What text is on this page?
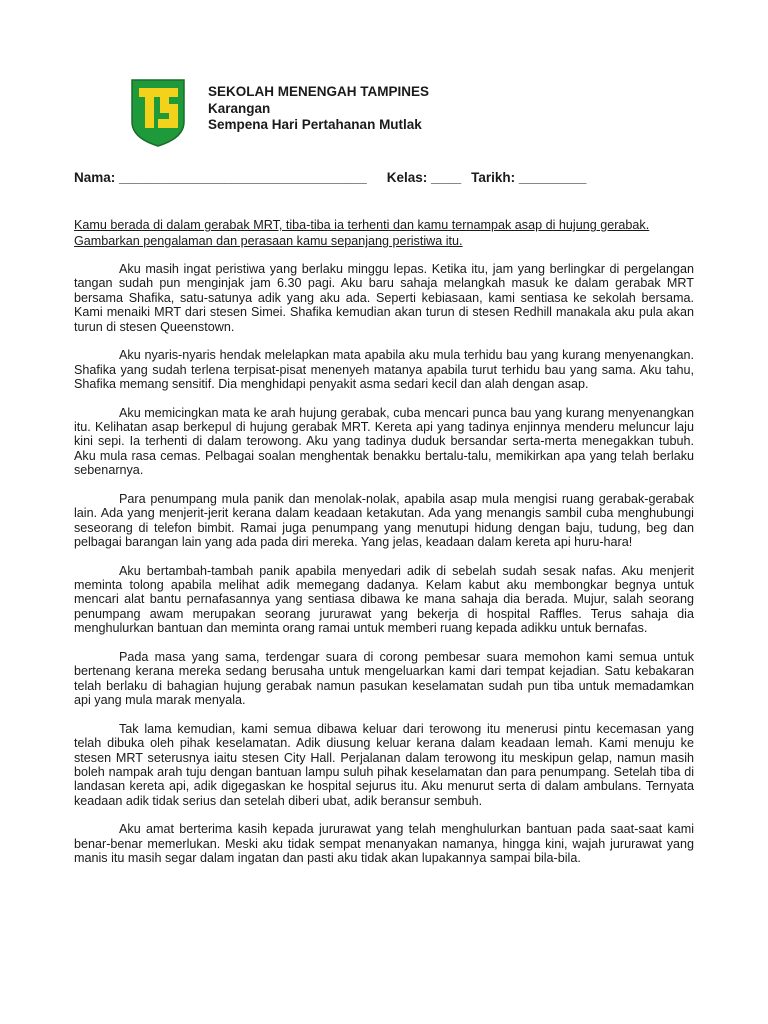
SEKOLAH MENENGAH TAMPINES
Karangan
Sempena Hari Pertahanan Mutlak
Nama: _________________________________ Kelas: ____ Tarikh: _________
Kamu berada di dalam gerabak MRT, tiba-tiba ia terhenti dan kamu ternampak asap di hujung gerabak. Gambarkan pengalaman dan perasaan kamu sepanjang peristiwa itu.

Aku masih ingat peristiwa yang berlaku minggu lepas. Ketika itu, jam yang berlingkar di pergelangan tangan sudah pun menginjak jam 6.30 pagi. Aku baru sahaja melangkah masuk ke dalam gerabak MRT bersama Shafika, satu-satunya adik yang aku ada. Seperti kebiasaan, kami sentiasa ke sekolah bersama. Kami menaiki MRT dari stesen Simei. Shafika kemudian akan turun di stesen Redhill manakala aku pula akan turun di stesen Queenstown.

Aku nyaris-nyaris hendak melelapkan mata apabila aku mula terhidu bau yang kurang menyenangkan. Shafika yang sudah terlena terpisat-pisat menenyeh matanya apabila turut terhidu bau yang sama. Aku tahu, Shafika memang sensitif. Dia menghidapi penyakit asma sedari kecil dan alah dengan asap.

Aku memicingkan mata ke arah hujung gerabak, cuba mencari punca bau yang kurang menyenangkan itu. Kelihatan asap berkepul di hujung gerabak MRT. Kereta api yang tadinya enjinnya menderu meluncur laju kini sepi. Ia terhenti di dalam terowong. Aku yang tadinya duduk bersandar serta-merta menegakkan tubuh. Aku mula rasa cemas. Pelbagai soalan menghentak benakku bertalu-talu, memikirkan apa yang telah berlaku sebenarnya.

Para penumpang mula panik dan menolak-nolak, apabila asap mula mengisi ruang gerabak-gerabak lain. Ada yang menjerit-jerit kerana dalam keadaan ketakutan. Ada yang menangis sambil cuba menghubungi seseorang di telefon bimbit. Ramai juga penumpang yang menutupi hidung dengan baju, tudung, beg dan pelbagai barangan lain yang ada pada diri mereka. Yang jelas, keadaan dalam kereta api huru-hara!

Aku bertambah-tambah panik apabila menyedari adik di sebelah sudah sesak nafas. Aku menjerit meminta tolong apabila melihat adik memegang dadanya. Kelam kabut aku membongkar begnya untuk mencari alat bantu pernafasannya yang sentiasa dibawa ke mana sahaja dia berada. Mujur, salah seorang penumpang awam merupakan seorang jururawat yang bekerja di hospital Raffles. Terus sahaja dia menghulurkan bantuan dan meminta orang ramai untuk memberi ruang kepada adikku untuk bernafas.

Pada masa yang sama, terdengar suara di corong pembesar suara memohon kami semua untuk bertenang kerana mereka sedang berusaha untuk mengeluarkan kami dari tempat kejadian. Satu kebakaran telah berlaku di bahagian hujung gerabak namun pasukan keselamatan sudah pun tiba untuk memadamkan api yang mula marak menyala.

Tak lama kemudian, kami semua dibawa keluar dari terowong itu menerusi pintu kecemasan yang telah dibuka oleh pihak keselamatan. Adik diusung keluar kerana dalam keadaan lemah. Kami menuju ke stesen MRT seterusnya iaitu stesen City Hall. Perjalanan dalam terowong itu meskipun gelap, namun masih boleh nampak arah tuju dengan bantuan lampu suluh pihak keselamatan dan para penumpang. Setelah tiba di landasan kereta api, adik digegaskan ke hospital sejurus itu. Aku menurut serta di dalam ambulans. Ternyata keadaan adik tidak serius dan setelah diberi ubat, adik beransur sembuh.

Aku amat berterima kasih kepada jururawat yang telah menghulurkan bantuan pada saat-saat kami benar-benar memerlukan. Meski aku tidak sempat menanyakan namanya, hingga kini, wajah jururawat yang manis itu masih segar dalam ingatan dan pasti aku tidak akan lupakannya sampai bila-bila.
